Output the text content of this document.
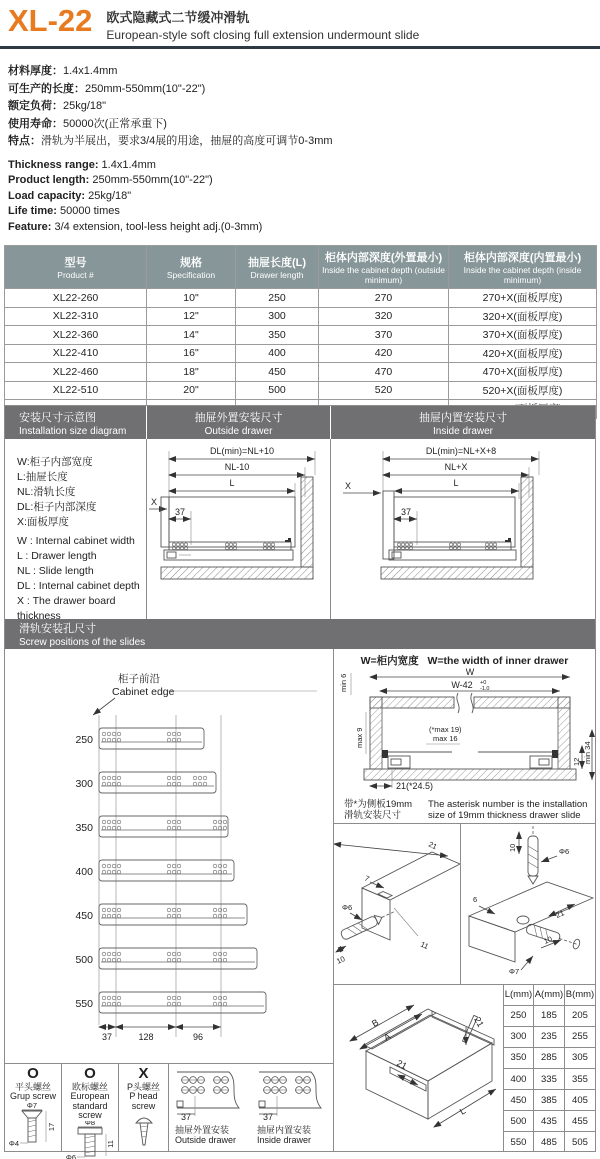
XL-22 欧式隐藏式二节缓冲滑轨
European-style soft closing full extension undermount slide
材料厚度：1.4x1.4mm
可生产的长度：250mm-550mm(10"-22")
额定负荷：25kg/18"
使用寿命：50000次(正常承重下)
特点：滑轨为半展出，要求3/4展的用途，抽屉的高度可调节0-3mm
Thickness range: 1.4x1.4mm
Product length: 250mm-550mm(10"-22")
Load capacity: 25kg/18"
Life time: 50000 times
Feature: 3/4 extension, tool-less height adj.(0-3mm)
型号
Product #

规格
Specification

抽屉长度(L)
Drawer length

柜体内部深度(外置最小)
Inside the cabinet depth (outside minimum)

柜体内部深度(内置最小)
Inside the cabinet depth (inside minimum)

XL22-260	10"	250	270	270+X(面板厚度)
XL22-310	12"	300	320	320+X(面板厚度)
XL22-360	14"	350	370	370+X(面板厚度)
XL22-410	16"	400	420	420+X(面板厚度)
XL22-460	18"	450	470	470+X(面板厚度)
XL22-510	20"	500	520	520+X(面板厚度)

安装尺寸示意图
Installation size diagram
抽屉外置安装尺寸
Outside drawer
抽屉内置安装尺寸
Inside drawer
W:柜子内部宽度
L:抽屉长度
NL:滑轨长度
DL:柜子内部深度
X:面板厚度
W : Internal cabinet width
L : Drawer length
NL : Slide length
DL : Internal cabinet depth
X : The drawer board thickness
DL(min)=NL+10
NL-10
L
X
37
DL(min)=NL+X+8
NL+X
L
X
37
滑轨安装孔尺寸
Screw positions of the slides
柜子前沿
Cabinet edge
250
300
350
400
450
500
550
37	128	96
O
平头螺丝
Grup screw
Φ7
17
Φ4
O
欧标螺丝
European standard screw
Φ8
11
Φ6
X
P头螺丝
P head screw
37
抽屉外置安装
Outside drawer
37
抽屉内置安装
Inside drawer
W=柜内宽度 W=the width of inner drawer
W
W-42 +0
-1.0
min 6
max 9	(*max 19)
max 16
12 min 34
21(*24.5)
带*为侧板19mm
滑轨安装尺寸
The asterisk number is the installation size of 19mm thickness drawer slide
21
7
Φ6
10
11
10	Φ6
6
21
10
Φ7
B
A
21
21
L
L(mm)	A(mm)	B(mm)
250	185	205
300	235	255
350	285	305
400	335	355
450	385	405
500	435	455
550	485	505
